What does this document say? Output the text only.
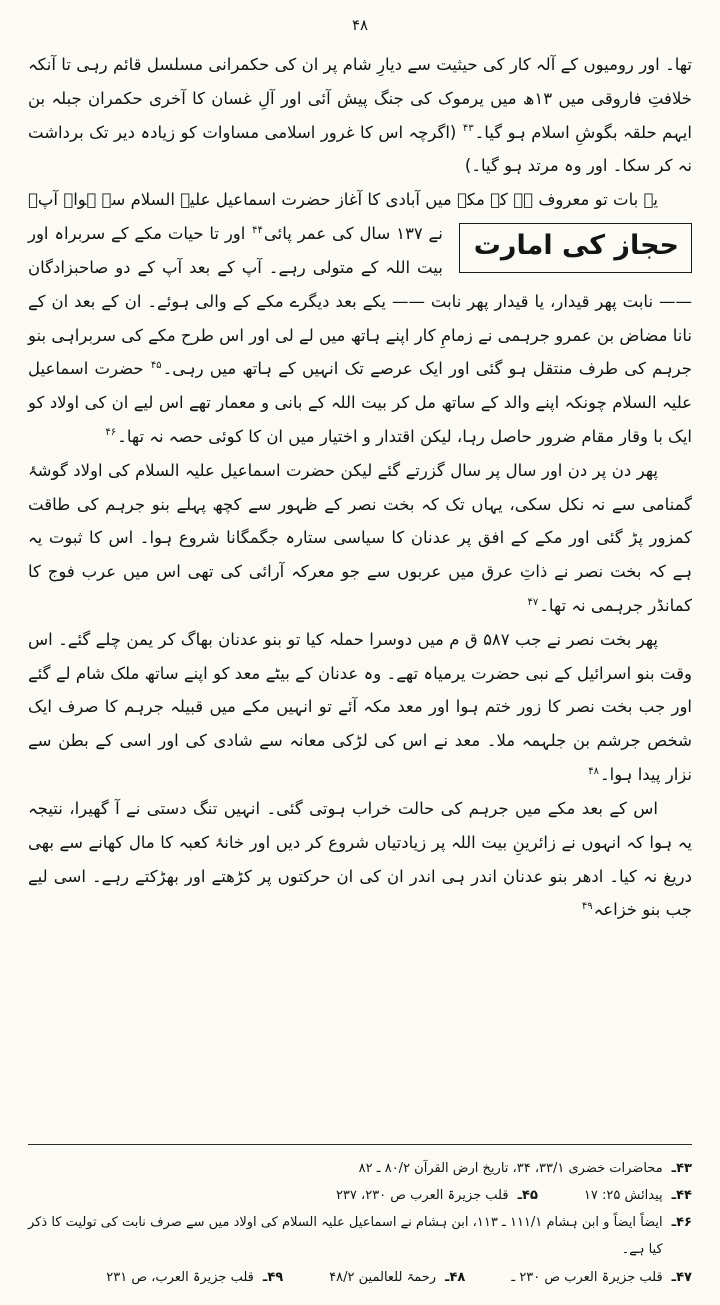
۴۸

تھا۔ اور رومیوں کے آلہ کار کی حیثیت سے دیارِ شام پر ان کی حکمرانی مسلسل قائم رہی تا آنکہ خلافتِ فاروقی میں ۱۳ھ میں یرموک کی جنگ پیش آئی اور آلِ غسان کا آخری حکمران جبلہ بن ایہم حلقہ بگوشِ اسلام ہو گیا۔$^{۴۳}$ (اگرچہ اس کا غرور اسلامی مساوات کو زیادہ دیر تک برداشت نہ کر سکا۔ اور وہ مرتد ہو گیا۔)

یہ بات تو معروف ہے کہ مکے میں آبادی کا آغاز حضرت اسماعیل علیہ السلام سے ہوا۔ آپؑ

حجاز کی امارت
نے ۱۳۷ سال کی عمر پائی$^{۴۴}$ اور تا حیات مکے کے سربراہ اور بیت اللہ کے متولی رہے۔ آپ کے بعد آپ کے دو صاحبزادگان —— نابت پھر قیدار، یا قیدار پھر نابت —— یکے بعد دیگرے مکے کے والی ہوئے۔ ان کے بعد ان کے نانا مضاض بن عمرو جرہمی نے زمامِ کار اپنے ہاتھ میں لے لی اور اس طرح مکے کی سربراہی بنو جرہم کی طرف منتقل ہو گئی اور ایک عرصے تک انہیں کے ہاتھ میں رہی۔$^{۴۵}$ حضرت اسماعیل علیہ السلام چونکہ اپنے والد کے ساتھ مل کر بیت اللہ کے بانی و معمار تھے اس لیے ان کی اولاد کو ایک با وقار مقام ضرور حاصل رہا، لیکن اقتدار و اختیار میں ان کا کوئی حصہ نہ تھا۔$^{۴۶}$

پھر دن پر دن اور سال پر سال گزرتے گئے لیکن حضرت اسماعیل علیہ السلام کی اولاد گوشۂ گمنامی سے نہ نکل سکی، یہاں تک کہ بخت نصر کے ظہور سے کچھ پہلے بنو جرہم کی طاقت کمزور پڑ گئی اور مکے کے افق پر عدنان کا سیاسی ستارہ جگمگانا شروع ہوا۔ اس کا ثبوت یہ ہے کہ بخت نصر نے ذاتِ عرق میں عربوں سے جو معرکہ آرائی کی تھی اس میں عرب فوج کا کمانڈر جرہمی نہ تھا۔$^{۴۷}$

پھر بخت نصر نے جب ۵۸۷ ق م میں دوسرا حملہ کیا تو بنو عدنان بھاگ کر یمن چلے گئے۔ اس وقت بنو اسرائیل کے نبی حضرت یرمیاہ تھے۔ وہ عدنان کے بیٹے معد کو اپنے ساتھ ملک شام لے گئے اور جب بخت نصر کا زور ختم ہوا اور معد مکہ آئے تو انہیں مکے میں قبیلہ جرہم کا صرف ایک شخص جرشم بن جلہمہ ملا۔ معد نے اس کی لڑکی معانہ سے شادی کی اور اسی کے بطن سے نزار پیدا ہوا۔$^{۴۸}$

اس کے بعد مکے میں جرہم کی حالت خراب ہوتی گئی۔ انہیں تنگ دستی نے آ گھیرا، نتیجہ یہ ہوا کہ انہوں نے زائرینِ بیت اللہ پر زیادتیاں شروع کر دیں اور خانۂ کعبہ کا مال کھانے سے بھی دریغ نہ کیا۔ ادھر بنو عدنان اندر ہی اندر ان کی ان حرکتوں پر کڑھتے اور بھڑکتے رہے۔ اسی لیے جب بنو خزاعہ$^{۴۹}$

۴۳ـ
محاضرات خضری ۳۳/۱، ۳۴، تاریخ ارض القرآن ۸۰/۲ ـ ۸۲
۴۴ـ
پیدائش ۲۵: ۱۷
۴۵ـ
قلب جزیرۃ العرب ص ۲۳۰، ۲۳۷
۴۶ـ
ایضاً ایضاً و ابن ہشام ۱۱۱/۱ ـ ۱۱۳، ابن ہشام نے اسماعیل علیہ السلام کی اولاد میں سے صرف نابت کی تولیت کا ذکر کیا ہے۔
۴۷ـ
قلب جزیرۃ العرب ص ۲۳۰ ـ
۴۸ـ
رحمۃ للعالمین ۴۸/۲
۴۹ـ
قلب جزیرۃ العرب، ص ۲۳۱
